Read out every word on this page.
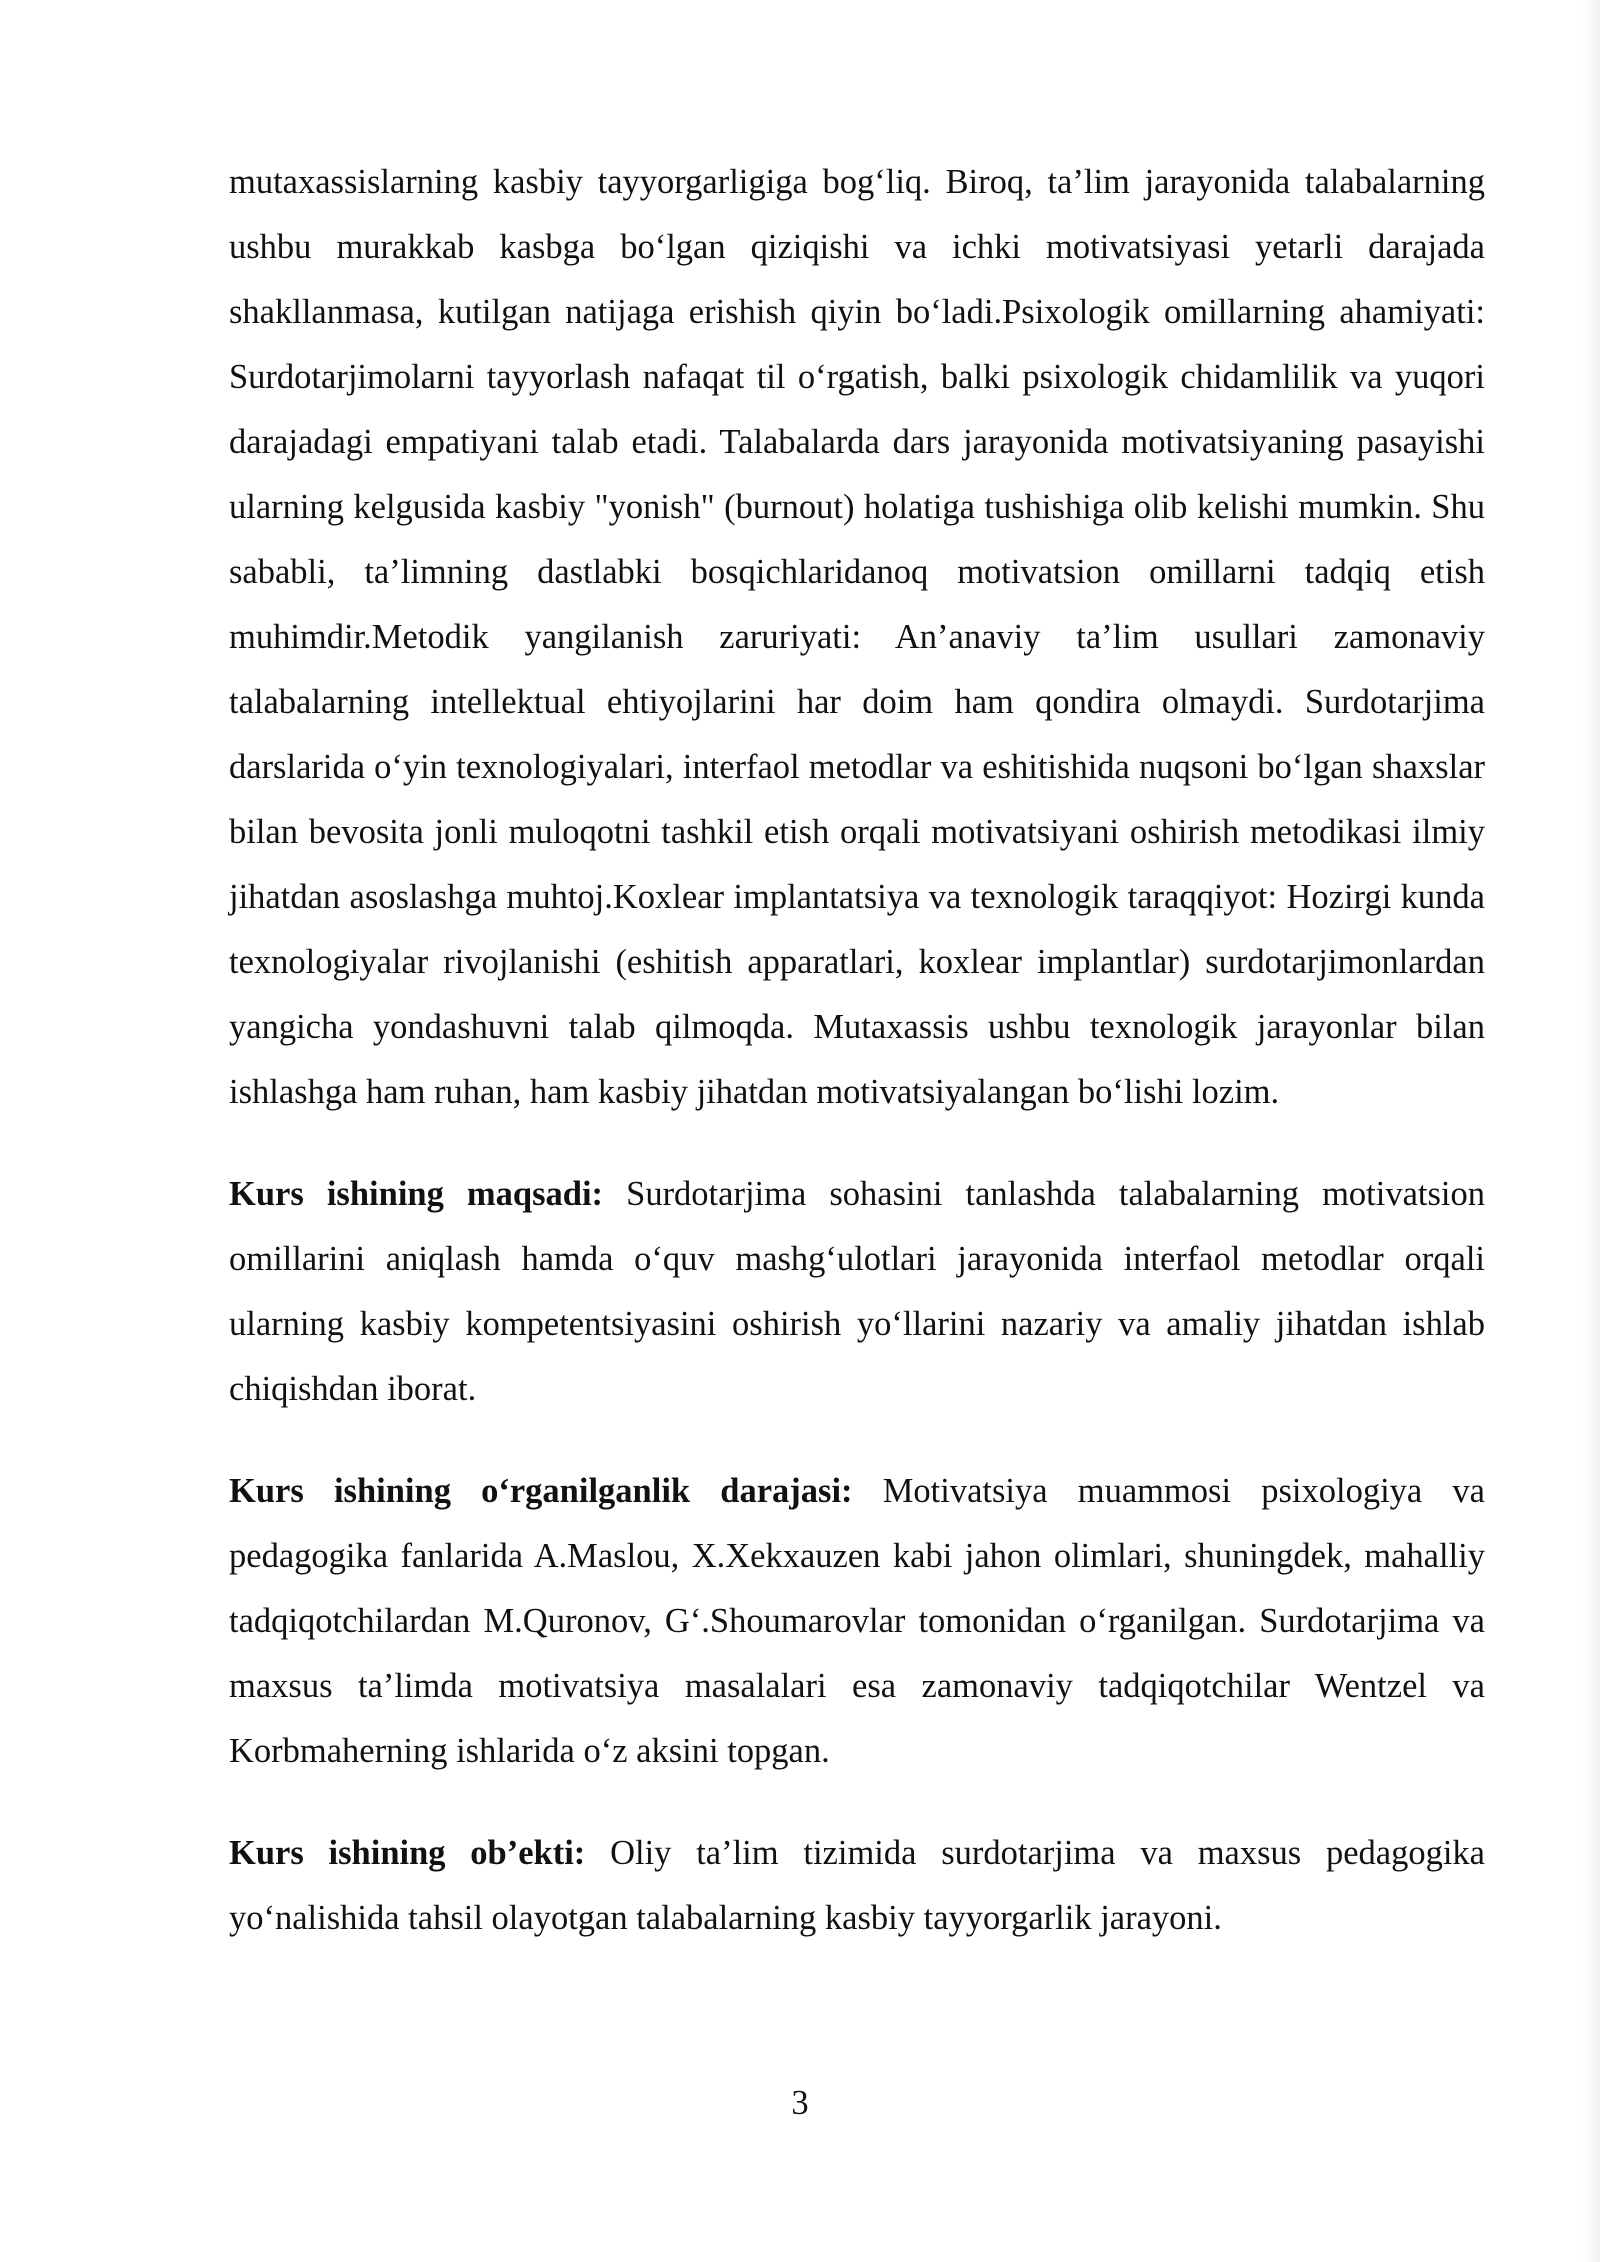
mutaxassislarning kasbiy tayyorgarligiga bog‘liq. Biroq, ta’lim jarayonida talabalarning ushbu murakkab kasbga bo‘lgan qiziqishi va ichki motivatsiyasi yetarli darajada shakllanmasa, kutilgan natijaga erishish qiyin bo‘ladi.Psixologik omillarning ahamiyati: Surdotarjimolarni tayyorlash nafaqat til o‘rgatish, balki psixologik chidamlilik va yuqori darajadagi empatiyani talab etadi. Talabalarda dars jarayonida motivatsiyaning pasayishi ularning kelgusida kasbiy "yonish" (burnout) holatiga tushishiga olib kelishi mumkin. Shu sababli, ta’limning dastlabki bosqichlaridanoq motivatsion omillarni tadqiq etish muhimdir.Metodik yangilanish zaruriyati: An’anaviy ta’lim usullari zamonaviy talabalarning intellektual ehtiyojlarini har doim ham qondira olmaydi. Surdotarjima darslarida o‘yin texnologiyalari, interfaol metodlar va eshitishida nuqsoni bo‘lgan shaxslar bilan bevosita jonli muloqotni tashkil etish orqali motivatsiyani oshirish metodikasi ilmiy jihatdan asoslashga muhtoj.Koxlear implantatsiya va texnologik taraqqiyot: Hozirgi kunda texnologiyalar rivojlanishi (eshitish apparatlari, koxlear implantlar) surdotarjimonlardan yangicha yondashuvni talab qilmoqda. Mutaxassis ushbu texnologik jarayonlar bilan ishlashga ham ruhan, ham kasbiy jihatdan motivatsiyalangan bo‘lishi lozim.

Kurs ishining maqsadi: Surdotarjima sohasini tanlashda talabalarning motivatsion omillarini aniqlash hamda o‘quv mashg‘ulotlari jarayonida interfaol metodlar orqali ularning kasbiy kompetentsiyasini oshirish yo‘llarini nazariy va amaliy jihatdan ishlab chiqishdan iborat.

Kurs ishining o‘rganilganlik darajasi: Motivatsiya muammosi psixologiya va pedagogika fanlarida A.Maslou, X.Xekxauzen kabi jahon olimlari, shuningdek, mahalliy tadqiqotchilardan M.Quronov, G‘.Shoumarovlar tomonidan o‘rganilgan. Surdotarjima va maxsus ta’limda motivatsiya masalalari esa zamonaviy tadqiqotchilar Wentzel va Korbmaherning ishlarida o‘z aksini topgan.

Kurs ishining ob’ekti: Oliy ta’lim tizimida surdotarjima va maxsus pedagogika yo‘nalishida tahsil olayotgan talabalarning kasbiy tayyorgarlik jarayoni.

3
